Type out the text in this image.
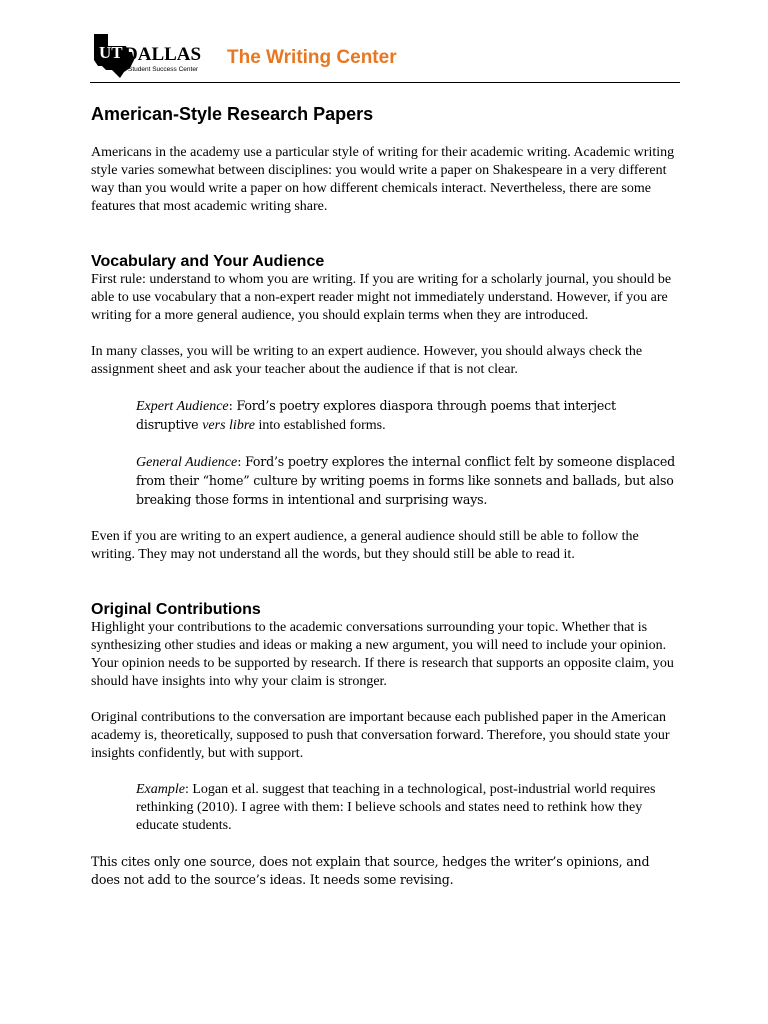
UT DALLAS
Student Success Center
The Writing Center
American-Style Research Papers

Americans in the academy use a particular style of writing for their academic writing. Academic writing style varies somewhat between disciplines: you would write a paper on Shakespeare in a very different way than you would write a paper on how different chemicals interact. Nevertheless, there are some features that most academic writing share.

Vocabulary and Your Audience

First rule: understand to whom you are writing. If you are writing for a scholarly journal, you should be able to use vocabulary that a non-expert reader might not immediately understand. However, if you are writing for a more general audience, you should explain terms when they are introduced.

In many classes, you will be writing to an expert audience. However, you should always check the assignment sheet and ask your teacher about the audience if that is not clear.

Expert Audience: Ford’s poetry explores diaspora through poems that interject disruptive vers libre into established forms.

General Audience: Ford’s poetry explores the internal conflict felt by someone displaced from their “home” culture by writing poems in forms like sonnets and ballads, but also breaking those forms in intentional and surprising ways.

Even if you are writing to an expert audience, a general audience should still be able to follow the writing. They may not understand all the words, but they should still be able to read it.

Original Contributions

Highlight your contributions to the academic conversations surrounding your topic. Whether that is synthesizing other studies and ideas or making a new argument, you will need to include your opinion. Your opinion needs to be supported by research. If there is research that supports an opposite claim, you should have insights into why your claim is stronger.

Original contributions to the conversation are important because each published paper in the American academy is, theoretically, supposed to push that conversation forward. Therefore, you should state your insights confidently, but with support.

Example: Logan et al. suggest that teaching in a technological, post-industrial world requires rethinking (2010). I agree with them: I believe schools and states need to rethink how they educate students.

This cites only one source, does not explain that source, hedges the writer’s opinions, and does not add to the source’s ideas. It needs some revising.
